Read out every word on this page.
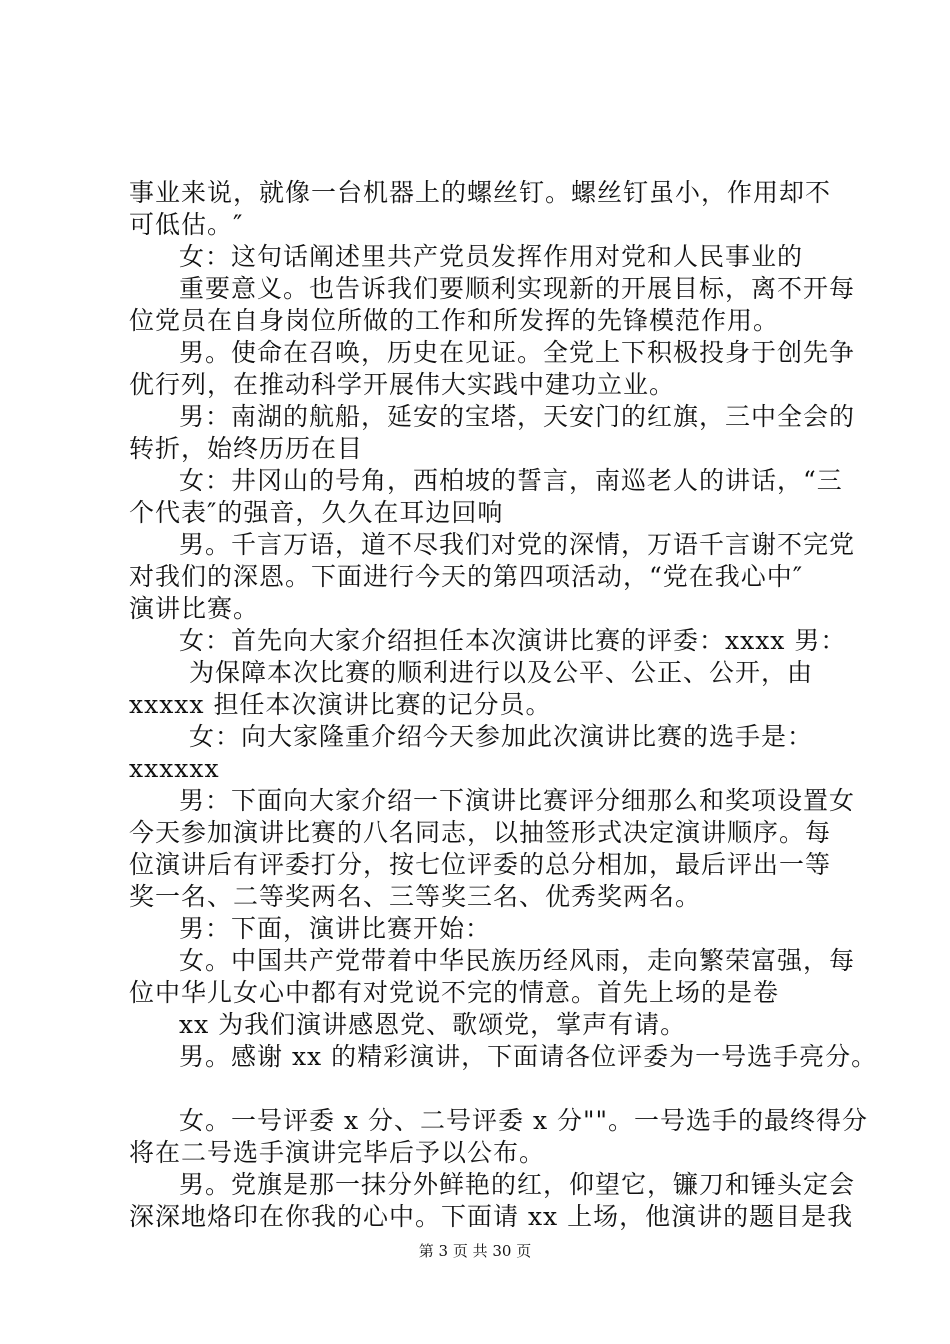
事业来说，就像一台机器上的螺丝钉。螺丝钉虽小，作用却不
可低估。″
女：这句话阐述里共产党员发挥作用对党和人民事业的
重要意义。也告诉我们要顺利实现新的开展目标，离不开每
位党员在自身岗位所做的工作和所发挥的先锋模范作用。
男。使命在召唤，历史在见证。全党上下积极投身于创先争
优行列，在推动科学开展伟大实践中建功立业。
男：南湖的航船，延安的宝塔，天安门的红旗，三中全会的
转折，始终历历在目
女：井冈山的号角，西柏坡的誓言，南巡老人的讲话，“三
个代表″的强音，久久在耳边回响
男。千言万语，道不尽我们对党的深情，万语千言谢不完党
对我们的深恩。下面进行今天的第四项活动，“党在我心中″
演讲比赛。
女：首先向大家介绍担任本次演讲比赛的评委：xxxx 男：
为保障本次比赛的顺利进行以及公平、公正、公开，由
xxxxx 担任本次演讲比赛的记分员。
女：向大家隆重介绍今天参加此次演讲比赛的选手是：
xxxxxx
男：下面向大家介绍一下演讲比赛评分细那么和奖项设置女
今天参加演讲比赛的八名同志，以抽签形式决定演讲顺序。每
位演讲后有评委打分，按七位评委的总分相加，最后评出一等
奖一名、二等奖两名、三等奖三名、优秀奖两名。
男：下面，演讲比赛开始：
女。中国共产党带着中华民族历经风雨，走向繁荣富强，每
位中华儿女心中都有对党说不完的情意。首先上场的是卷
xx 为我们演讲感恩党、歌颂党，掌声有请。
男。感谢 xx 的精彩演讲，下面请各位评委为一号选手亮分。
女。一号评委 x 分、二号评委 x 分""。一号选手的最终得分
将在二号选手演讲完毕后予以公布。
男。党旗是那一抹分外鲜艳的红，仰望它，镰刀和锤头定会
深深地烙印在你我的心中。下面请 xx 上场，他演讲的题目是我
第 3 页 共 30 页
